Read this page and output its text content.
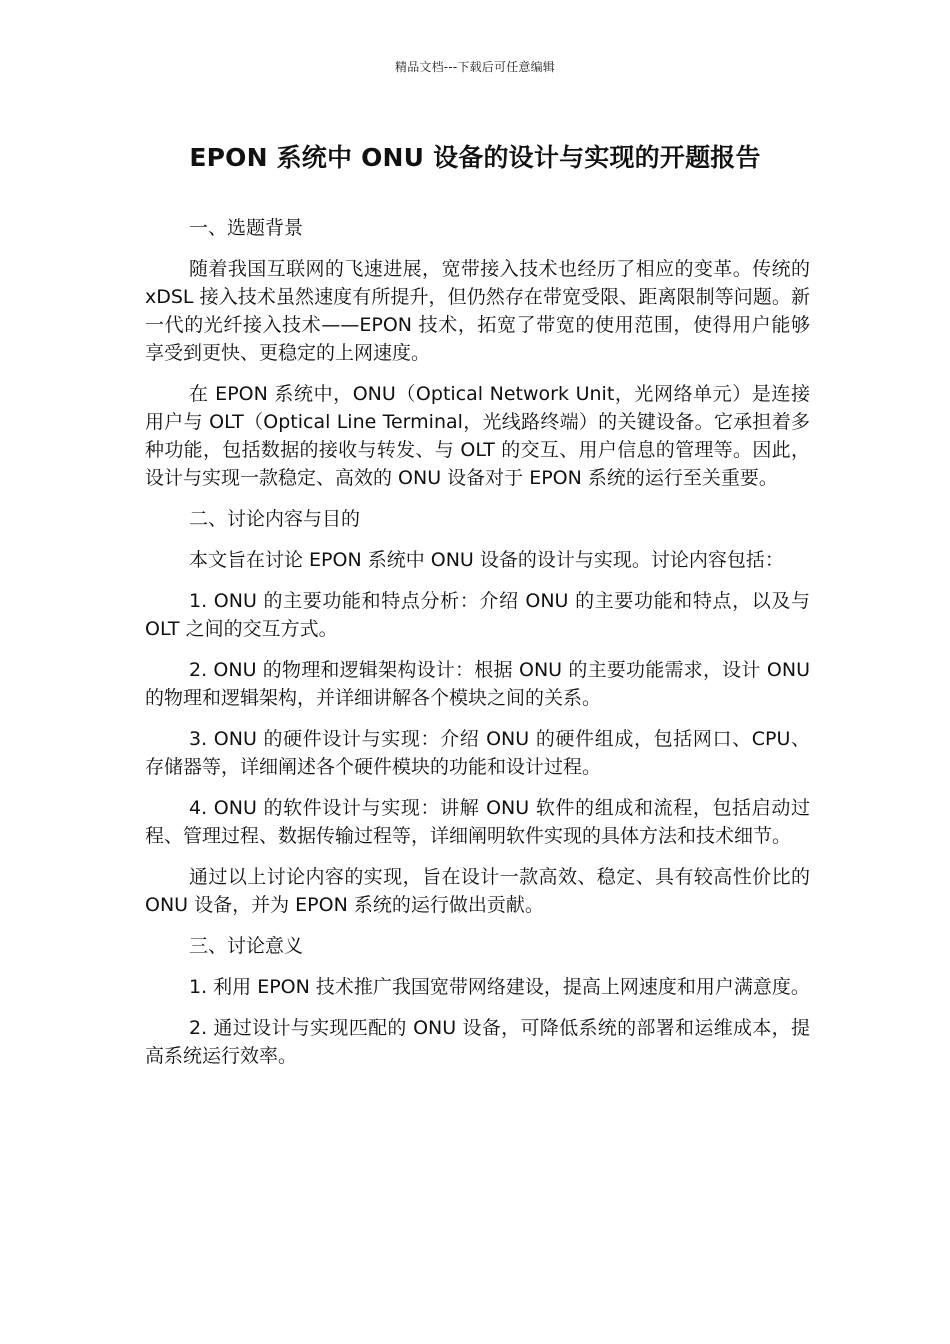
精品文档---下载后可任意编辑
EPON 系统中 ONU 设备的设计与实现的开题报告

一、选题背景

随着我国互联网的飞速进展，宽带接入技术也经历了相应的变革。传统的 xDSL 接入技术虽然速度有所提升，但仍然存在带宽受限、距离限制等问题。新一代的光纤接入技术——EPON 技术，拓宽了带宽的使用范围，使得用户能够享受到更快、更稳定的上网速度。

在 EPON 系统中，ONU（Optical Network Unit，光网络单元）是连接用户与 OLT（Optical Line Terminal，光线路终端）的关键设备。它承担着多种功能，包括数据的接收与转发、与 OLT 的交互、用户信息的管理等。因此，设计与实现一款稳定、高效的 ONU 设备对于 EPON 系统的运行至关重要。

二、讨论内容与目的

本文旨在讨论 EPON 系统中 ONU 设备的设计与实现。讨论内容包括：

1. ONU 的主要功能和特点分析：介绍 ONU 的主要功能和特点，以及与 OLT 之间的交互方式。

2. ONU 的物理和逻辑架构设计：根据 ONU 的主要功能需求，设计 ONU 的物理和逻辑架构，并详细讲解各个模块之间的关系。

3. ONU 的硬件设计与实现：介绍 ONU 的硬件组成，包括网口、CPU、存储器等，详细阐述各个硬件模块的功能和设计过程。

4. ONU 的软件设计与实现：讲解 ONU 软件的组成和流程，包括启动过程、管理过程、数据传输过程等，详细阐明软件实现的具体方法和技术细节。

通过以上讨论内容的实现，旨在设计一款高效、稳定、具有较高性价比的 ONU 设备，并为 EPON 系统的运行做出贡献。

三、讨论意义

1. 利用 EPON 技术推广我国宽带网络建设，提高上网速度和用户满意度。

2. 通过设计与实现匹配的 ONU 设备，可降低系统的部署和运维成本，提高系统运行效率。
